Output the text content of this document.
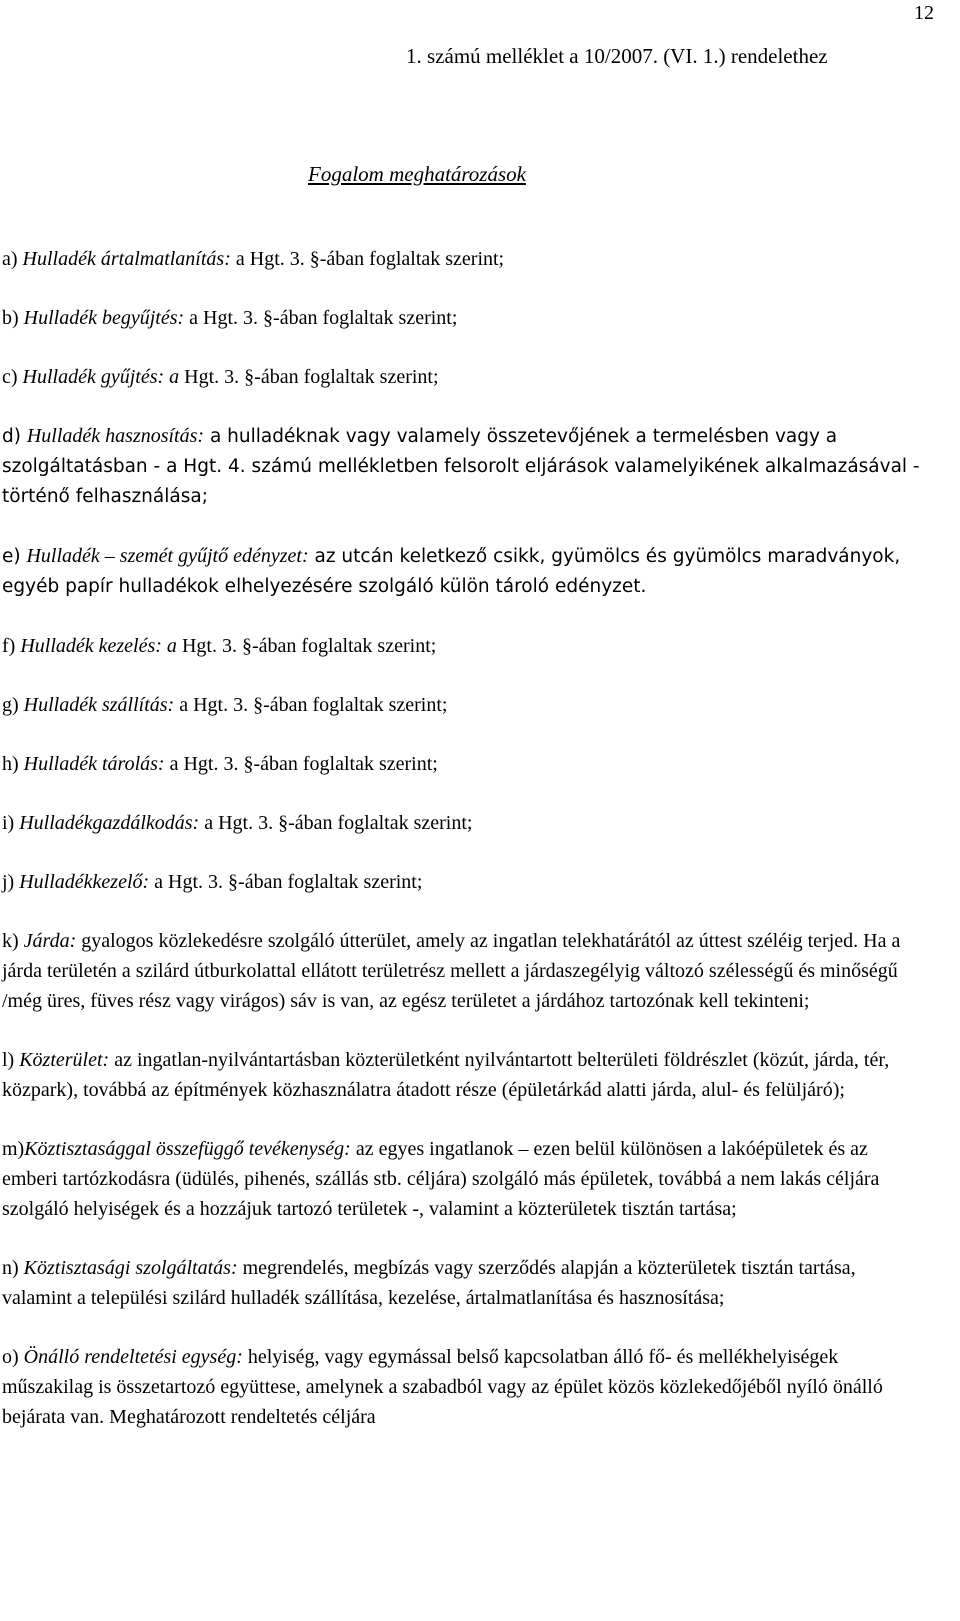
12
1. számú melléklet a 10/2007. (VI. 1.) rendelethez
Fogalom meghatározások

a) Hulladék ártalmatlanítás: a Hgt. 3. §-ában foglaltak szerint;

b) Hulladék begyűjtés: a Hgt. 3. §-ában foglaltak szerint;

c) Hulladék gyűjtés: a Hgt. 3. §-ában foglaltak szerint;

d) Hulladék hasznosítás: a hulladéknak vagy valamely összetevőjének a termelésben vagy a szolgáltatásban - a Hgt. 4. számú mellékletben felsorolt eljárások valamelyikének alkalmazásával - történő felhasználása;

e) Hulladék – szemét gyűjtő edényzet: az utcán keletkező csikk, gyümölcs és gyümölcs maradványok, egyéb papír hulladékok elhelyezésére szolgáló külön tároló edényzet.

f) Hulladék kezelés: a Hgt. 3. §-ában foglaltak szerint;

g) Hulladék szállítás: a Hgt. 3. §-ában foglaltak szerint;

h) Hulladék tárolás: a Hgt. 3. §-ában foglaltak szerint;

i) Hulladékgazdálkodás: a Hgt. 3. §-ában foglaltak szerint;

j) Hulladékkezelő: a Hgt. 3. §-ában foglaltak szerint;

k) Járda: gyalogos közlekedésre szolgáló útterület, amely az ingatlan telekhatárától az úttest széléig terjed. Ha a járda területén a szilárd útburkolattal ellátott területrész mellett a járdaszegélyig változó szélességű és minőségű /még üres, füves rész vagy virágos) sáv is van, az egész területet a járdához tartozónak kell tekinteni;

l) Közterület: az ingatlan-nyilvántartásban közterületként nyilvántartott belterületi földrészlet (közút, járda, tér, közpark), továbbá az építmények közhasználatra átadott része (épületárkád alatti járda, alul- és felüljáró);

m)Köztisztasággal összefüggő tevékenység: az egyes ingatlanok – ezen belül különösen a lakóépületek és az emberi tartózkodásra (üdülés, pihenés, szállás stb. céljára) szolgáló más épületek, továbbá a nem lakás céljára szolgáló helyiségek és a hozzájuk tartozó területek -, valamint a közterületek tisztán tartása;

n) Köztisztasági szolgáltatás: megrendelés, megbízás vagy szerződés alapján a közterületek tisztán tartása, valamint a települési szilárd hulladék szállítása, kezelése, ártalmatlanítása és hasznosítása;

o) Önálló rendeltetési egység: helyiség, vagy egymással belső kapcsolatban álló fő- és mellékhelyiségek műszakilag is összetartozó együttese, amelynek a szabadból vagy az épület közös közlekedőjéből nyíló önálló bejárata van. Meghatározott rendeltetés céljára
